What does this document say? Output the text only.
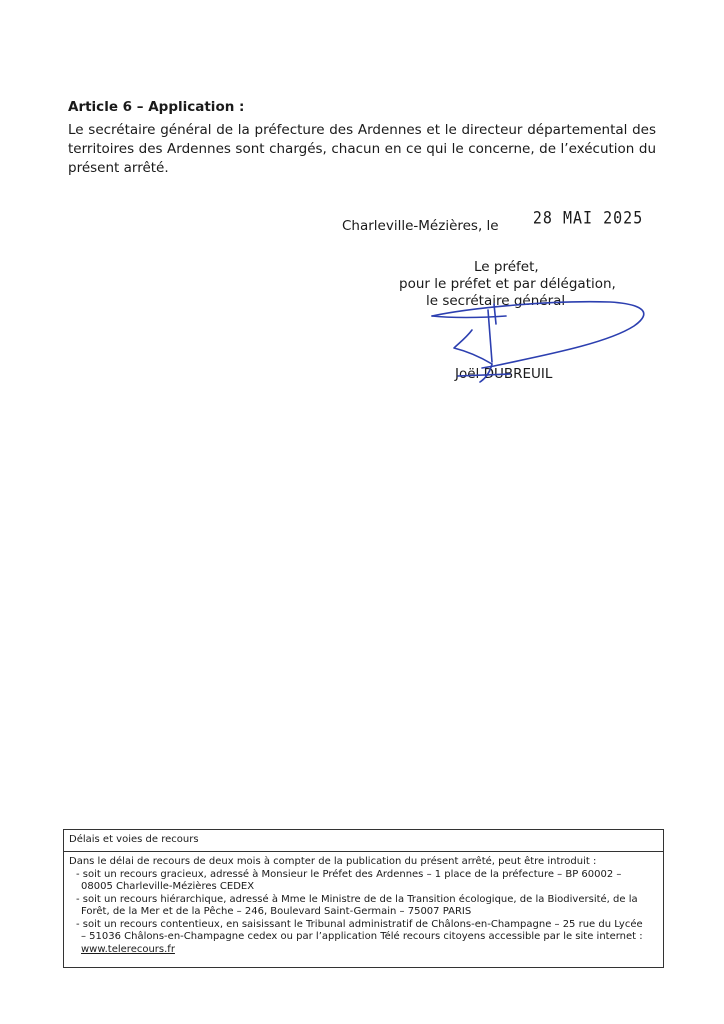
Article 6 – Application :
Le secrétaire général de la préfecture des Ardennes et le directeur départemental des territoires des Ardennes sont chargés, chacun en ce qui le concerne, de l’exécution du présent arrêté.
Charleville-Mézières, le 28 MAI 2025
Le préfet,
pour le préfet et par délégation,
le secrétaire général
Joël DUBREUIL
Délais et voies de recours

Dans le délai de recours de deux mois à compter de la publication du présent arrêté, peut être introduit :

- soit un recours gracieux, adressé à Monsieur le Préfet des Ardennes – 1 place de la préfecture – BP 60002 –

08005 Charleville-Mézières CEDEX

- soit un recours hiérarchique, adressé à Mme le Ministre de de la Transition écologique, de la Biodiversité, de la

Forêt, de la Mer et de la Pêche – 246, Boulevard Saint-Germain – 75007 PARIS

- soit un recours contentieux, en saisissant le Tribunal administratif de Châlons-en-Champagne – 25 rue du Lycée

– 51036 Châlons-en-Champagne cedex ou par l’application Télé recours citoyens accessible par le site internet :

www.telerecours.fr
